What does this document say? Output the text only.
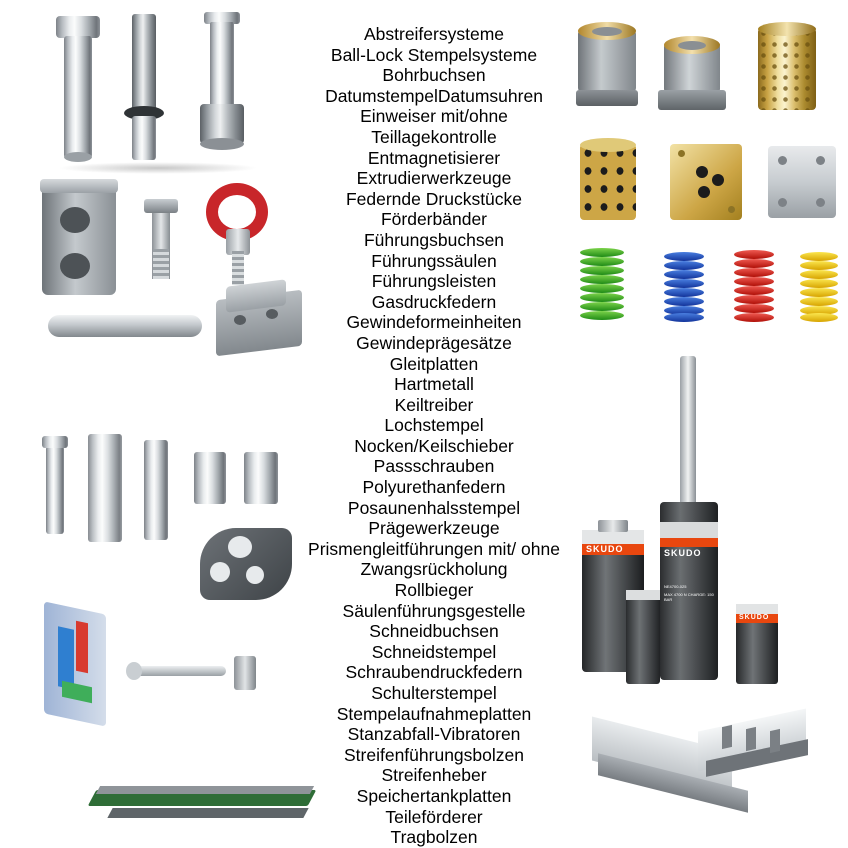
Abstreifersysteme
Ball-Lock Stempelsysteme
Bohrbuchsen
DatumstempelDatumsuhren
Einweiser mit/ohne Teillagekontrolle
Entmagnetisierer
Extrudierwerkzeuge
Federnde Druckstücke
Förderbänder
Führungsbuchsen
Führungssäulen
Führungsleisten
Gasdruckfedern
Gewindeformeinheiten
Gewindeprägesätze
Gleitplatten
Hartmetall
Keiltreiber
Lochstempel
Nocken/Keilschieber
Passschrauben
Polyurethanfedern
Posaunenhalsstempel
Prägewerkzeuge
Prismengleitführungen mit/ ohne Zwangsrückholung
Rollbieger
Säulenführungsgestelle
Schneidbuchsen
Schneidstempel
Schraubendruckfedern
Schulterstempel
Stempelaufnahmeplatten
Stanzabfall-Vibratoren
Streifenführungsbolzen
Streifenheber
Speichertankplatten
Teileförderer
Tragbolzen
SKUDO
NE4700-025
MAX 4700 N CHARGE: 150 BAR
SKUDO
SKUDO
